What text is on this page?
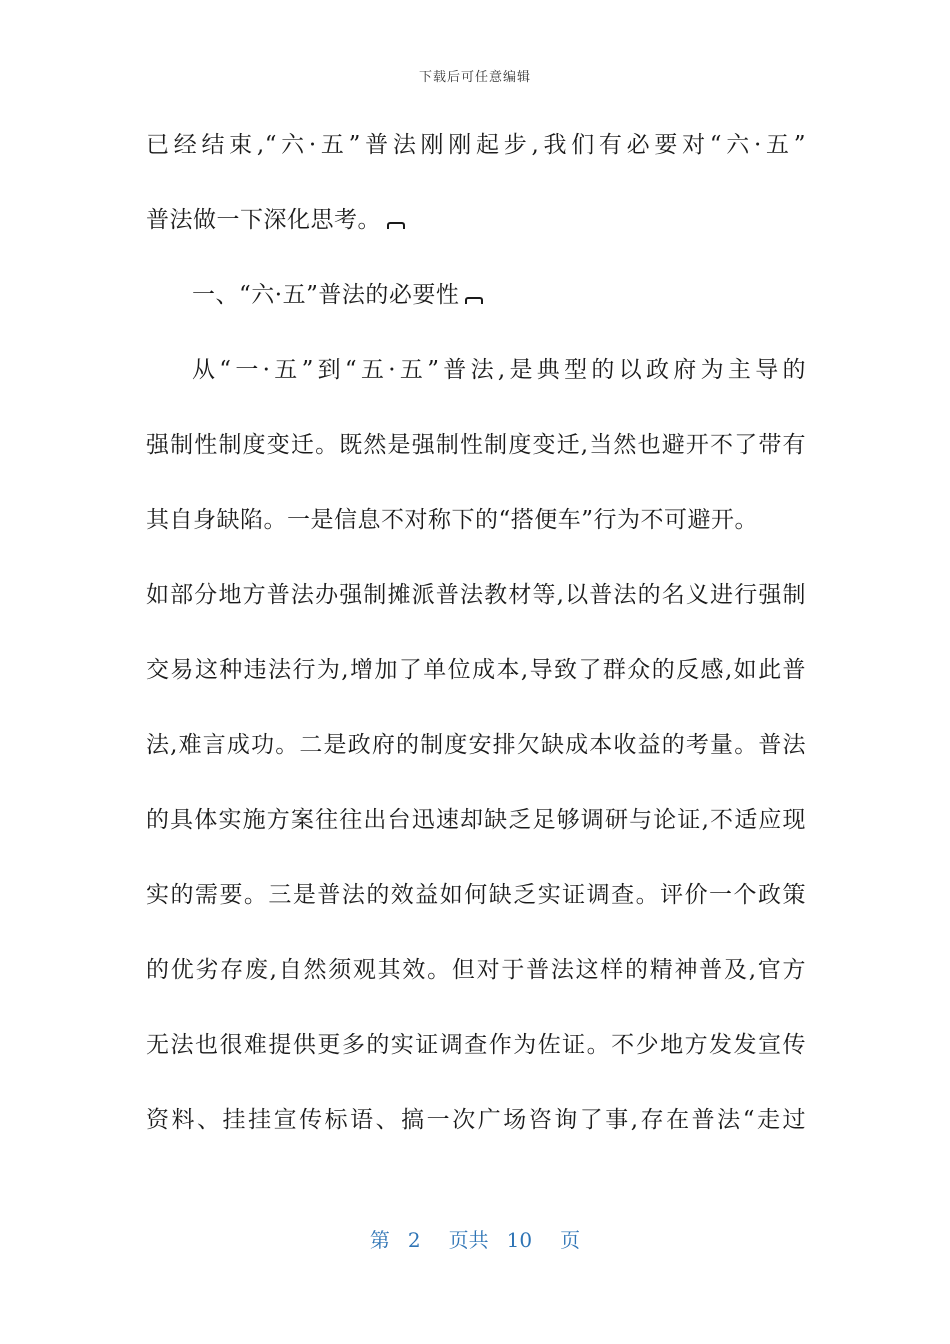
下载后可任意编辑
已经结束,“六·五”普法刚刚起步,我们有必要对“六·五”
普法做一下深化思考。
一、“六·五”普法的必要性
从“一·五”到“五·五”普法,是典型的以政府为主导的
强制性制度变迁。既然是强制性制度变迁,当然也避开不了带有
其自身缺陷。一是信息不对称下的“搭便车”行为不可避开。
如部分地方普法办强制摊派普法教材等,以普法的名义进行强制
交易这种违法行为,增加了单位成本,导致了群众的反感,如此普
法,难言成功。二是政府的制度安排欠缺成本收益的考量。普法
的具体实施方案往往出台迅速却缺乏足够调研与论证,不适应现
实的需要。三是普法的效益如何缺乏实证调查。评价一个政策
的优劣存废,自然须观其效。但对于普法这样的精神普及,官方
无法也很难提供更多的实证调查作为佐证。不少地方发发宣传
资料、挂挂宣传标语、搞一次广场咨询了事,存在普法“走过
第 2 页共 10 页
